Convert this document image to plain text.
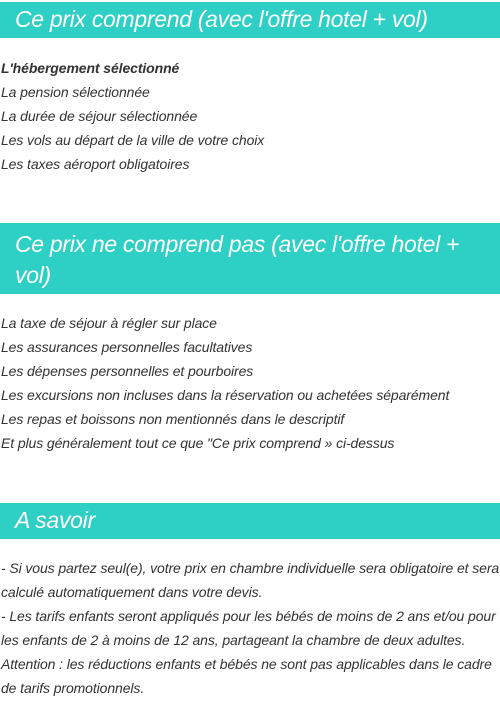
Ce prix comprend (avec l'offre hotel + vol)

L'hébergement sélectionné

La pension sélectionnée

La durée de séjour sélectionnée

Les vols au départ de la ville de votre choix

Les taxes aéroport obligatoires

Ce prix ne comprend pas (avec l'offre hotel + vol)

La taxe de séjour à régler sur place

Les assurances personnelles facultatives

Les dépenses personnelles et pourboires

Les excursions non incluses dans la réservation ou achetées séparément

Les repas et boissons non mentionnés dans le descriptif

Et plus généralement tout ce que "Ce prix comprend » ci-dessus

A savoir
- Si vous partez seul(e), votre prix en chambre individuelle sera obligatoire et sera calculé automatiquement dans votre devis.
- Les tarifs enfants seront appliqués pour les bébés de moins de 2 ans et/ou pour les enfants de 2 à moins de 12 ans, partageant la chambre de deux adultes.
Attention : les réductions enfants et bébés ne sont pas applicables dans le cadre de tarifs promotionnels.
